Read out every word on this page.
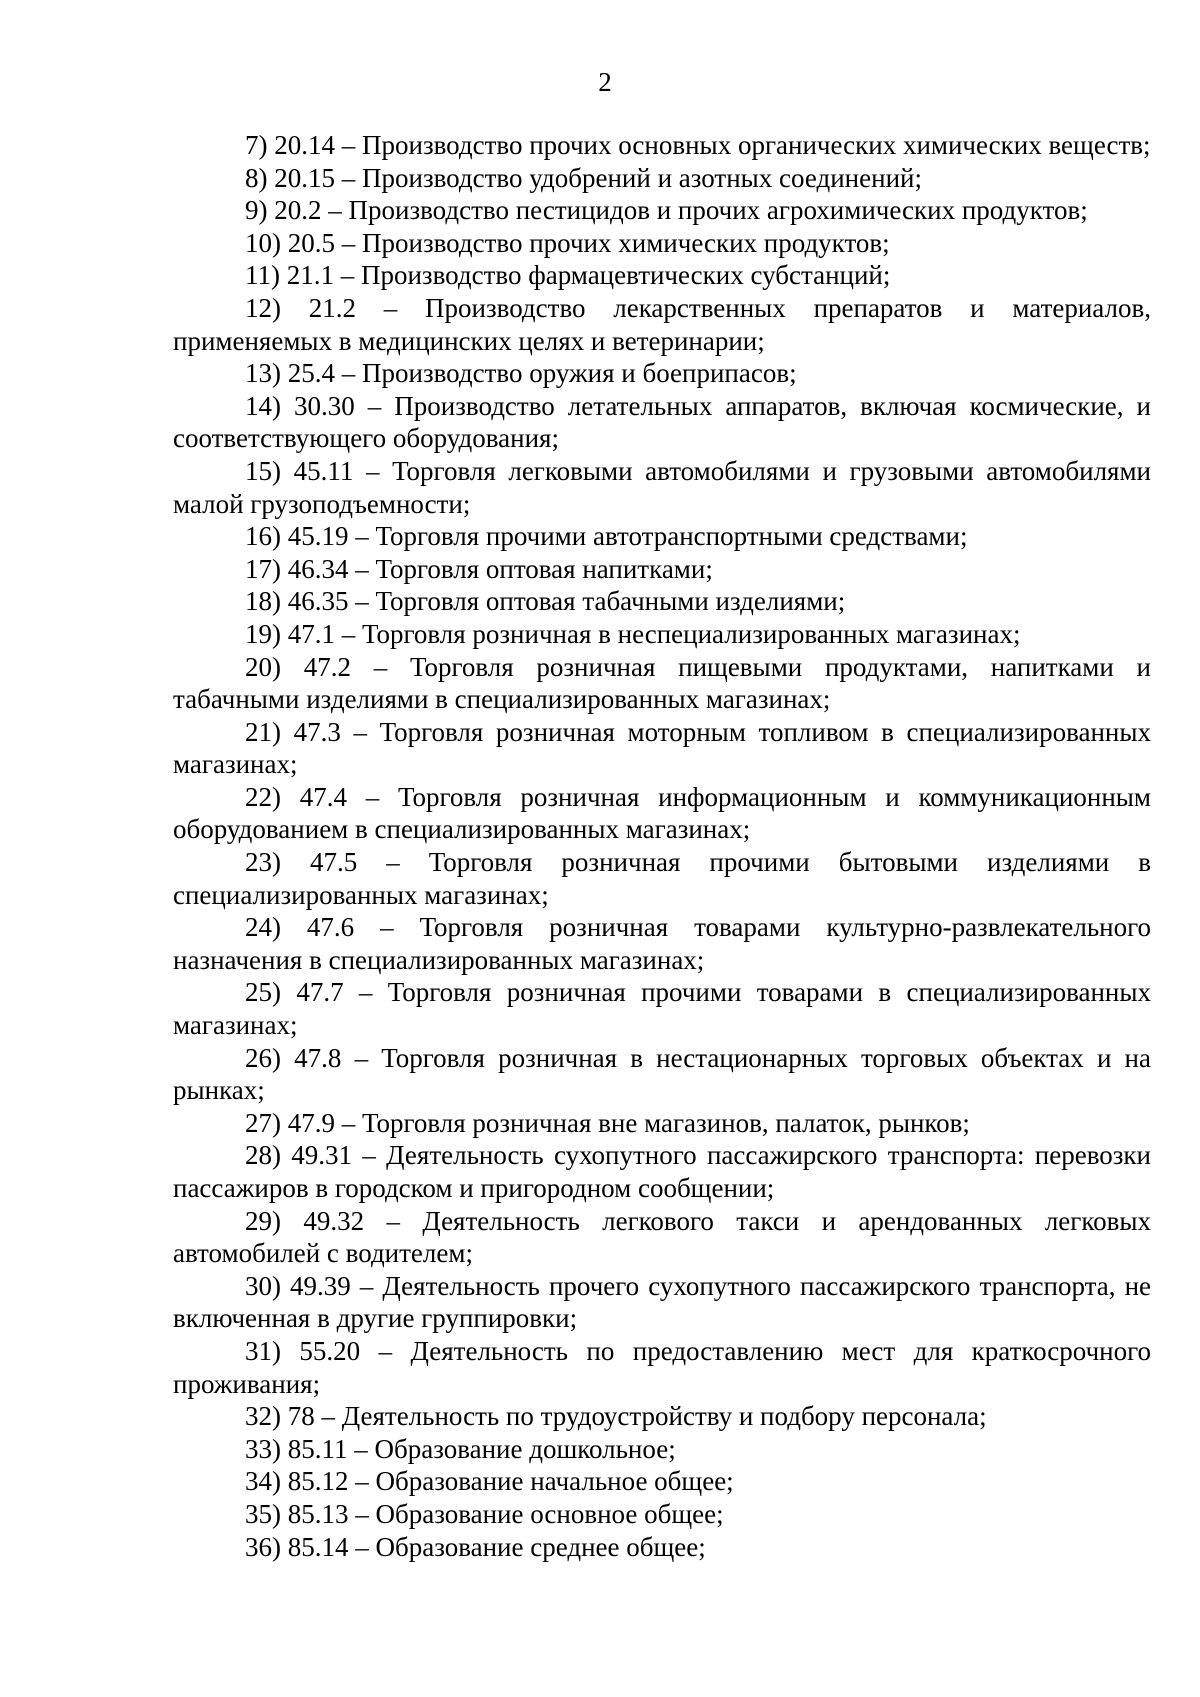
2

7) 20.14 – Производство прочих основных органических химических веществ;

8) 20.15 – Производство удобрений и азотных соединений;

9) 20.2 – Производство пестицидов и прочих агрохимических продуктов;

10) 20.5 – Производство прочих химических продуктов;

11) 21.1 – Производство фармацевтических субстанций;

12) 21.2 – Производство лекарственных препаратов и материалов, применяемых в медицинских целях и ветеринарии;

13) 25.4 – Производство оружия и боеприпасов;

14) 30.30 – Производство летательных аппаратов, включая космические, и соответствующего оборудования;

15) 45.11 – Торговля легковыми автомобилями и грузовыми автомобилями малой грузоподъемности;

16) 45.19 – Торговля прочими автотранспортными средствами;

17) 46.34 – Торговля оптовая напитками;

18) 46.35 – Торговля оптовая табачными изделиями;

19) 47.1 – Торговля розничная в неспециализированных магазинах;

20) 47.2 – Торговля розничная пищевыми продуктами, напитками и табачными изделиями в специализированных магазинах;

21) 47.3 – Торговля розничная моторным топливом в специализированных магазинах;

22) 47.4 – Торговля розничная информационным и коммуникационным оборудованием в специализированных магазинах;

23) 47.5 – Торговля розничная прочими бытовыми изделиями в специализированных магазинах;

24) 47.6 – Торговля розничная товарами культурно-развлекательного назначения в специализированных магазинах;

25) 47.7 – Торговля розничная прочими товарами в специализированных магазинах;

26) 47.8 – Торговля розничная в нестационарных торговых объектах и на рынках;

27) 47.9 – Торговля розничная вне магазинов, палаток, рынков;

28) 49.31 – Деятельность сухопутного пассажирского транспорта: перевозки пассажиров в городском и пригородном сообщении;

29) 49.32 – Деятельность легкового такси и арендованных легковых автомобилей с водителем;

30) 49.39 – Деятельность прочего сухопутного пассажирского транспорта, не включенная в другие группировки;

31) 55.20 – Деятельность по предоставлению мест для краткосрочного проживания;

32) 78 – Деятельность по трудоустройству и подбору персонала;

33) 85.11 – Образование дошкольное;

34) 85.12 – Образование начальное общее;

35) 85.13 – Образование основное общее;

36) 85.14 – Образование среднее общее;
